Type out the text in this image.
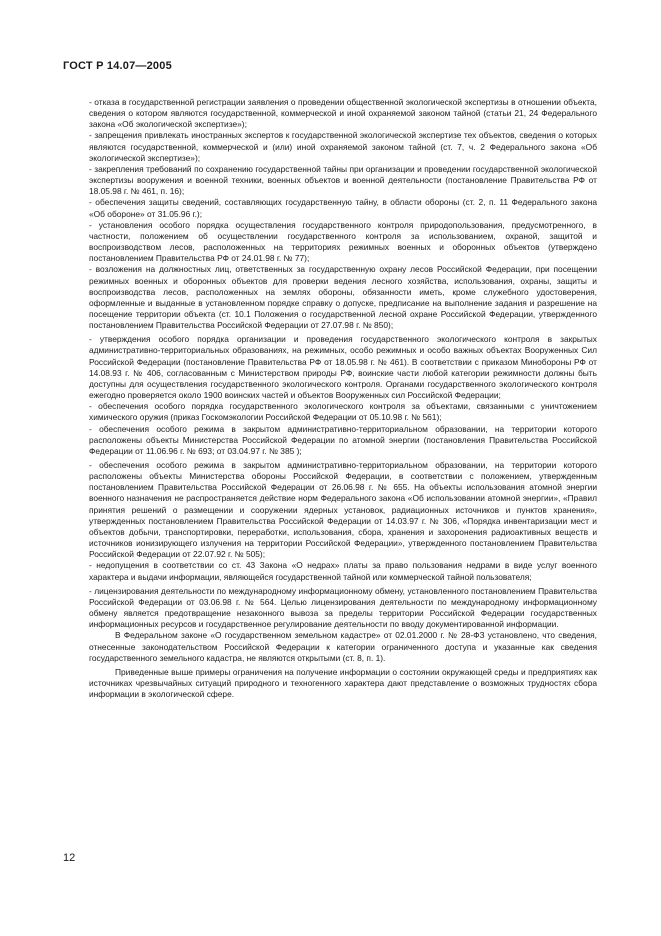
ГОСТ Р 14.07—2005

- отказа в государственной регистрации заявления о проведении общественной экологической экспертизы в отношении объекта, сведения о котором являются государственной, коммерческой и иной охраняемой законом тайной (статьи 21, 24 Федерального закона «Об экологической экспертизе»);

- запрещения привлекать иностранных экспертов к государственной экологической экспертизе тех объектов, сведения о которых являются государственной, коммерческой и (или) иной охраняемой законом тайной (ст. 7, ч. 2 Федерального закона «Об экологической экспертизе»);

- закрепления требований по сохранению государственной тайны при организации и проведении государственной экологической экспертизы вооружения и военной техники, военных объектов и военной деятельности (постановление Правительства РФ от 18.05.98 г. № 461, п. 16);

- обеспечения защиты сведений, составляющих государственную тайну, в области обороны (ст. 2, п. 11 Федерального закона «Об обороне» от 31.05.96 г.);

- установления особого порядка осуществления государственного контроля природопользования, предусмотренного, в частности, положением об осуществлении государственного контроля за использованием, охраной, защитой и воспроизводством лесов, расположенных на территориях режимных военных и оборонных объектов (утверждено постановлением Правительства РФ от 24.01.98 г. № 77);

- возложения на должностных лиц, ответственных за государственную охрану лесов Российской Федерации, при посещении режимных военных и оборонных объектов для проверки ведения лесного хозяйства, использования, охраны, защиты и воспроизводства лесов, расположенных на землях обороны, обязанности иметь, кроме служебного удостоверения, оформленные и выданные в установленном порядке справку о допуске, предписание на выполнение задания и разрешение на посещение территории объекта (ст. 10.1 Положения о государственной лесной охране Российской Федерации, утвержденного постановлением Правительства Российской Федерации от 27.07.98 г. № 850);

- утверждения особого порядка организации и проведения государственного экологического контроля в закрытых административно-территориальных образованиях, на режимных, особо режимных и особо важных объектах Вооруженных Сил Российской Федерации (постановление Правительства РФ от 18.05.98 г. № 461). В соответствии с приказом Минобороны РФ от 14.08.93 г. № 406, согласованным с Министерством природы РФ, воинские части любой категории режимности должны быть доступны для осуществления государственного экологического контроля. Органами государственного экологического контроля ежегодно проверяется около 1900 воинских частей и объектов Вооруженных сил Российской Федерации;

- обеспечения особого порядка государственного экологического контроля за объектами, связанными с уничтожением химического оружия (приказ Госкомэкологии Российской Федерации от 05.10.98 г. № 561);

- обеспечения особого режима в закрытом административно-территориальном образовании, на территории которого расположены объекты Министерства Российской Федерации по атомной энергии (постановления Правительства Российской Федерации от 11.06.96 г. № 693; от 03.04.97 г. № 385 );

- обеспечения особого режима в закрытом административно-территориальном образовании, на территории которого расположены объекты Министерства обороны Российской Федерации, в соответствии с положением, утвержденным постановлением Правительства Российской Федерации от 26.06.98 г. № 655. На объекты использования атомной энергии военного назначения не распространяется действие норм Федерального закона «Об использовании атомной энергии», «Правил принятия решений о размещении и сооружении ядерных установок, радиационных источников и пунктов хранения», утвержденных постановлением Правительства Российской Федерации от 14.03.97 г. № 306, «Порядка инвентаризации мест и объектов добычи, транспортировки, переработки, использования, сбора, хранения и захоронения радиоактивных веществ и источников ионизирующего излучения на территории Российской Федерации», утвержденного постановлением Правительства Российской Федерации от 22.07.92 г. № 505);

- недопущения в соответствии со ст. 43 Закона «О недрах» платы за право пользования недрами в виде услуг военного характера и выдачи информации, являющейся государственной тайной или коммерческой тайной пользователя;

- лицензирования деятельности по международному информационному обмену, установленного постановлением Правительства Российской Федерации от 03.06.98 г. № 564. Целью лицензирования деятельности по международному информационному обмену является предотвращение незаконного вывоза за пределы территории Российской Федерации государственных информационных ресурсов и государственное регулирование деятельности по вводу документированной информации.

В Федеральном законе «О государственном земельном кадастре» от 02.01.2000 г. № 28-ФЗ установлено, что сведения, отнесенные законодательством Российской Федерации к категории ограниченного доступа и указанные как сведения государственного земельного кадастра, не являются открытыми (ст. 8, п. 1).

Приведенные выше примеры ограничения на получение информации о состоянии окружающей среды и предприятиях как источниках чрезвычайных ситуаций природного и техногенного характера дают представление о возможных трудностях сбора информации в экологической сфере.

12
